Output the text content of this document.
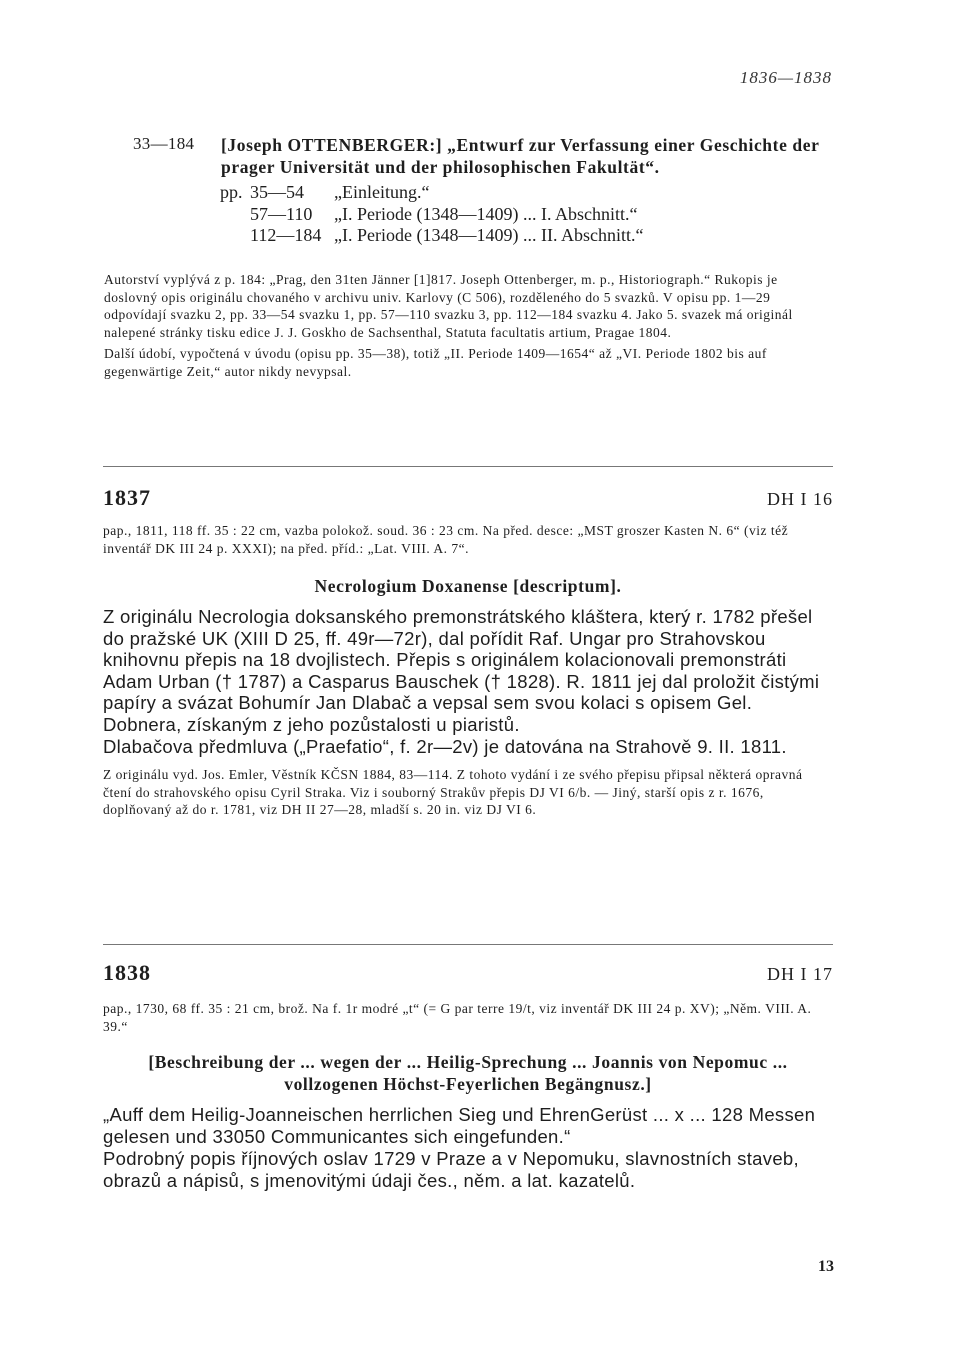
1836—1838
33—184	[Joseph OTTENBERGER:] „Entwurf zur Verfassung einer Geschichte der prager Universität und der philosophischen Fakultät“.
pp. 35—54	„Einleitung.“
57—110	„I. Periode (1348—1409) ... I. Abschnitt.“
112—184 „I. Periode (1348—1409) ... II. Abschnitt.“
Autorství vyplývá z p. 184: „Prag, den 31ten Jänner [1]817. Joseph Ottenberger, m. p., Historiograph.“ Rukopis je doslovný opis originálu chovaného v archivu univ. Karlovy (C 506), rozděleného do 5 svazků. V opisu pp. 1—29 odpovídají svazku 2, pp. 33—54 svazku 1, pp. 57—110 svazku 3, pp. 112—184 svazku 4. Jako 5. svazek má originál nalepené stránky tisku edice J. J. Goskho de Sachsenthal, Statuta facultatis artium, Pragae 1804.
Další údobí, vypočtená v úvodu (opisu pp. 35—38), totiž „II. Periode 1409—1654“ až „VI. Periode 1802 bis auf gegenwärtige Zeit,“ autor nikdy nevypsal.
1837	DH I 16
pap., 1811, 118 ff. 35 : 22 cm, vazba polokož. soud. 36 : 23 cm. Na před. desce: „MST groszer Kasten N. 6“ (viz též inventář DK III 24 p. XXXI); na před. příd.: „Lat. VIII. A. 7“.
Necrologium Doxanense [descriptum].

Z originálu Necrologia doksanského premonstrátského kláštera, který r. 1782 přešel do pražské UK (XIII D 25, ff. 49r—72r), dal pořídit Raf. Ungar pro Strahovskou knihovnu přepis na 18 dvojlistech. Přepis s originálem kolacionovali premonstráti Adam Urban († 1787) a Casparus Bauschek († 1828). R. 1811 jej dal proložit čistými papíry a svázat Bohumír Jan Dlabač a vepsal sem svou kolaci s opisem Gel. Dobnera, získaným z jeho pozůstalosti u piaristů.

Dlabačova předmluva („Praefatio“, f. 2r—2v) je datována na Strahově 9. II. 1811.

Z originálu vyd. Jos. Emler, Věstník KČSN 1884, 83—114. Z tohoto vydání i ze svého přepisu připsal některá opravná čtení do strahovského opisu Cyril Straka. Viz i souborný Strakův přepis DJ VI 6/b. — Jiný, starší opis z r. 1676, doplňovaný až do r. 1781, viz DH II 27—28, mladší s. 20 in. viz DJ VI 6.
1838	DH I 17
pap., 1730, 68 ff. 35 : 21 cm, brož. Na f. 1r modré „t“ (= G par terre 19/t, viz inventář DK III 24 p. XV); „Něm. VIII. A. 39.“
[Beschreibung der ... wegen der ... Heilig-Sprechung ... Joannis von Nepomuc ... vollzogenen Höchst-Feyerlichen Begängnusz.]

„Auff dem Heilig-Joanneischen herrlichen Sieg und EhrenGerüst ... x ... 128 Messen gelesen und 33050 Communicantes sich eingefunden.“

Podrobný popis říjnových oslav 1729 v Praze a v Nepomuku, slavnostních staveb, obrazů a nápisů, s jmenovitými údaji čes., něm. a lat. kazatelů.

13
